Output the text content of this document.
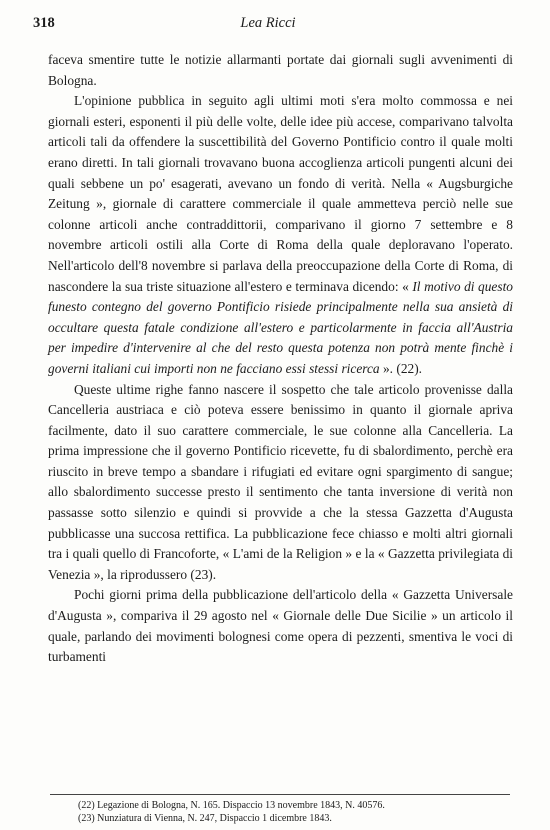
318	Lea Ricci

faceva smentire tutte le notizie allarmanti portate dai giornali sugli avvenimenti di Bologna.

L'opinione pubblica in seguito agli ultimi moti s'era molto commossa e nei giornali esteri, esponenti il più delle volte, delle idee più accese, comparivano talvolta articoli tali da offendere la suscettibilità del Governo Pontificio contro il quale molti erano diretti. In tali giornali trovavano buona accoglienza articoli pungenti alcuni dei quali sebbene un po' esagerati, avevano un fondo di verità. Nella « Augsburgiche Zeitung », giornale di carattere commerciale il quale ammetteva perciò nelle sue colonne articoli anche contraddittorii, comparivano il giorno 7 settembre e 8 novembre articoli ostili alla Corte di Roma della quale deploravano l'operato. Nell'articolo dell'8 novembre si parlava della preoccupazione della Corte di Roma, di nascondere la sua triste situazione all'estero e terminava dicendo: « Il motivo di questo funesto contegno del governo Pontificio risiede principalmente nella sua ansietà di occultare questa fatale condizione all'estero e particolarmente in faccia all'Austria per impedire d'intervenire al che del resto questa potenza non potrà mente finchè i governi italiani cui importi non ne facciano essi stessi ricerca ». (22).

Queste ultime righe fanno nascere il sospetto che tale articolo provenisse dalla Cancelleria austriaca e ciò poteva essere benissimo in quanto il giornale apriva facilmente, dato il suo carattere commerciale, le sue colonne alla Cancelleria. La prima impressione che il governo Pontificio ricevette, fu di sbalordimento, perchè era riuscito in breve tempo a sbandare i rifugiati ed evitare ogni spargimento di sangue; allo sbalordimento successe presto il sentimento che tanta inversione di verità non passasse sotto silenzio e quindi si provvide a che la stessa Gazzetta d'Augusta pubblicasse una succosa rettifica. La pubblicazione fece chiasso e molti altri giornali tra i quali quello di Francoforte, « L'ami de la Religion » e la « Gazzetta privilegiata di Venezia », la riprodussero (23).

Pochi giorni prima della pubblicazione dell'articolo della « Gazzetta Universale d'Augusta », compariva il 29 agosto nel « Giornale delle Due Sicilie » un articolo il quale, parlando dei movimenti bolognesi come opera di pezzenti, smentiva le voci di turbamenti

(22) Legazione di Bologna, N. 165. Dispaccio 13 novembre 1843, N. 40576.
(23) Nunziatura di Vienna, N. 247, Dispaccio 1 dicembre 1843.
